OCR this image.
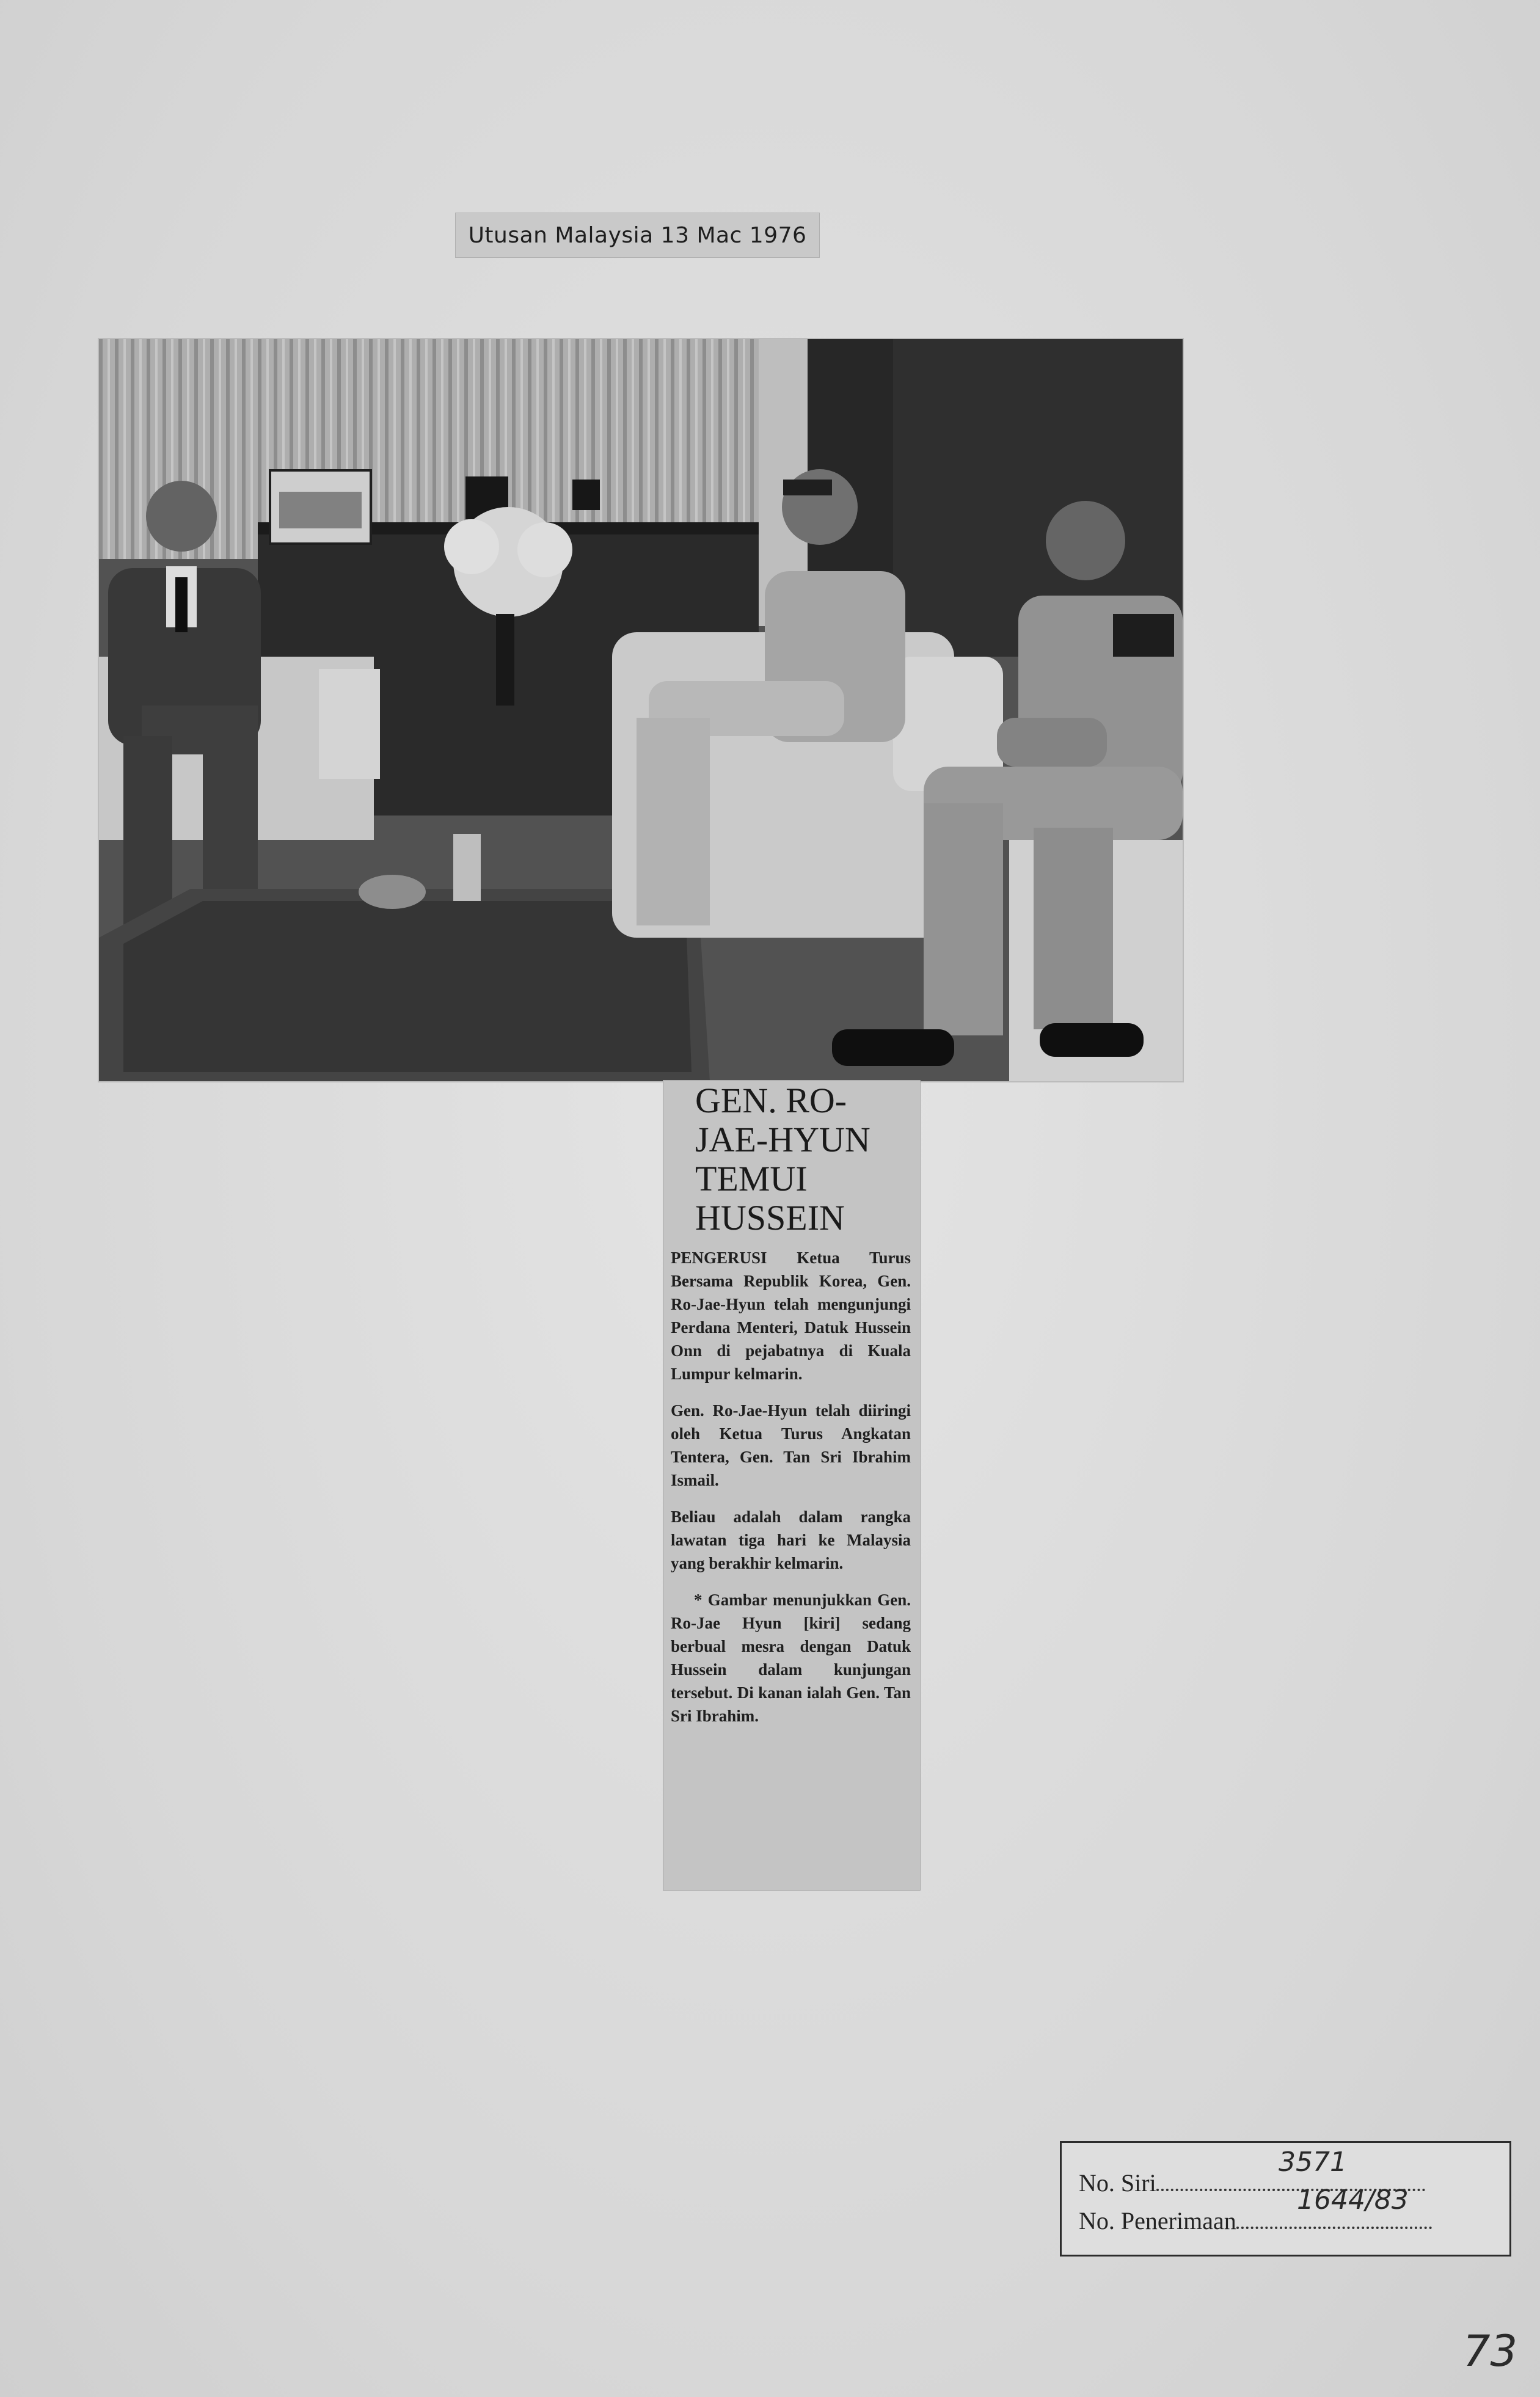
Utusan Malaysia 13 Mac 1976
GEN. RO-
JAE-HYUN
TEMUI
HUSSEIN

PENGERUSI Ketua Turus Bersama Republik Korea, Gen. Ro-Jae-Hyun telah mengunjungi Perdana Menteri, Datuk Hussein Onn di pejabatnya di Kuala Lumpur kelmarin.

Gen. Ro-Jae-Hyun telah diiringi oleh Ketua Turus Angkatan Tentera, Gen. Tan Sri Ibrahim Ismail.

Beliau adalah dalam rangka lawatan tiga hari ke Malaysia yang berakhir kelmarin.

* Gambar menunjukkan Gen. Ro-Jae Hyun [kiri] sedang berbual mesra dengan Datuk Hussein dalam kunjungan tersebut. Di kanan ialah Gen. Tan Sri Ibrahim.

No. Siri
No. Penerimaan
3571
1644/83
73
